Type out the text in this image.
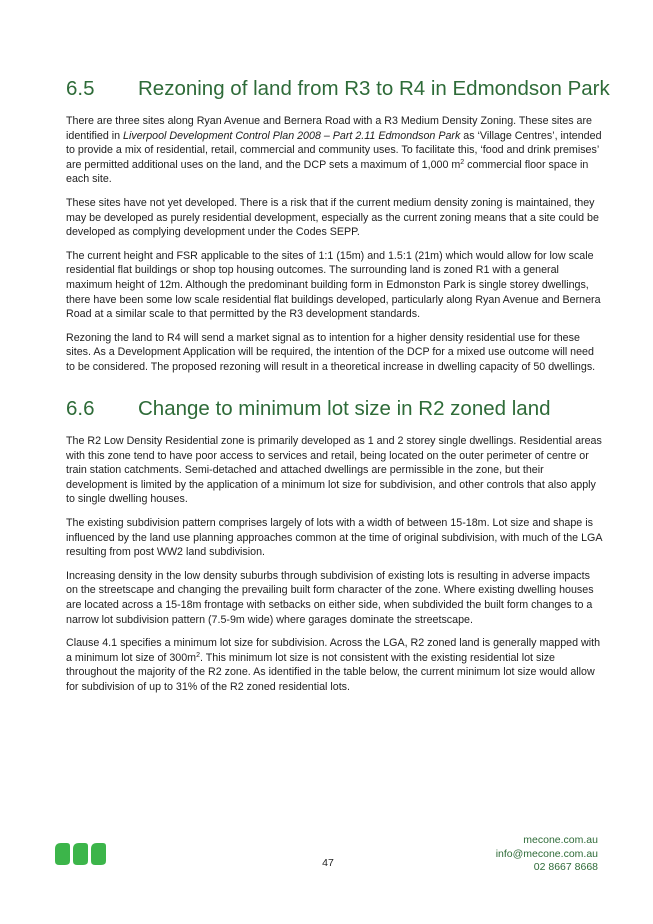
6.5	Rezoning of land from R3 to R4 in Edmondson Park

There are three sites along Ryan Avenue and Bernera Road with a R3 Medium Density Zoning. These sites are identified in Liverpool Development Control Plan 2008 – Part 2.11 Edmondson Park as ‘Village Centres’, intended to provide a mix of residential, retail, commercial and community uses. To facilitate this, ‘food and drink premises’ are permitted additional uses on the land, and the DCP sets a maximum of 1,000 $m^2$ commercial floor space in each site.

These sites have not yet developed. There is a risk that if the current medium density zoning is maintained, they may be developed as purely residential development, especially as the current zoning means that a site could be developed as complying development under the Codes SEPP.

The current height and FSR applicable to the sites of 1:1 (15m) and 1.5:1 (21m) which would allow for low scale residential flat buildings or shop top housing outcomes. The surrounding land is zoned R1 with a general maximum height of 12m. Although the predominant building form in Edmonston Park is single storey dwellings, there have been some low scale residential flat buildings developed, particularly along Ryan Avenue and Bernera Road at a similar scale to that permitted by the R3 development standards.

Rezoning the land to R4 will send a market signal as to intention for a higher density residential use for these sites. As a Development Application will be required, the intention of the DCP for a mixed use outcome will need to be considered. The proposed rezoning will result in a theoretical increase in dwelling capacity of 50 dwellings.

6.6	Change to minimum lot size in R2 zoned land

The R2 Low Density Residential zone is primarily developed as 1 and 2 storey single dwellings. Residential areas with this zone tend to have poor access to services and retail, being located on the outer perimeter of centre or train station catchments. Semi-detached and attached dwellings are permissible in the zone, but their development is limited by the application of a minimum lot size for subdivision, and other controls that also apply to single dwelling houses.

The existing subdivision pattern comprises largely of lots with a width of between 15-18m. Lot size and shape is influenced by the land use planning approaches common at the time of original subdivision, with much of the LGA resulting from post WW2 land subdivision.

Increasing density in the low density suburbs through subdivision of existing lots is resulting in adverse impacts on the streetscape and changing the prevailing built form character of the zone. Where existing dwelling houses are located across a 15-18m frontage with setbacks on either side, when subdivided the built form changes to a narrow lot subdivision pattern (7.5-9m wide) where garages dominate the streetscape.

Clause 4.1 specifies a minimum lot size for subdivision. Across the LGA, R2 zoned land is generally mapped with a minimum lot size of $300m^2$. This minimum lot size is not consistent with the existing residential lot size throughout the majority of the R2 zone. As identified in the table below, the current minimum lot size would allow for subdivision of up to 31% of the R2 zoned residential lots.

47
mecone.com.au
info@mecone.com.au
02 8667 8668
